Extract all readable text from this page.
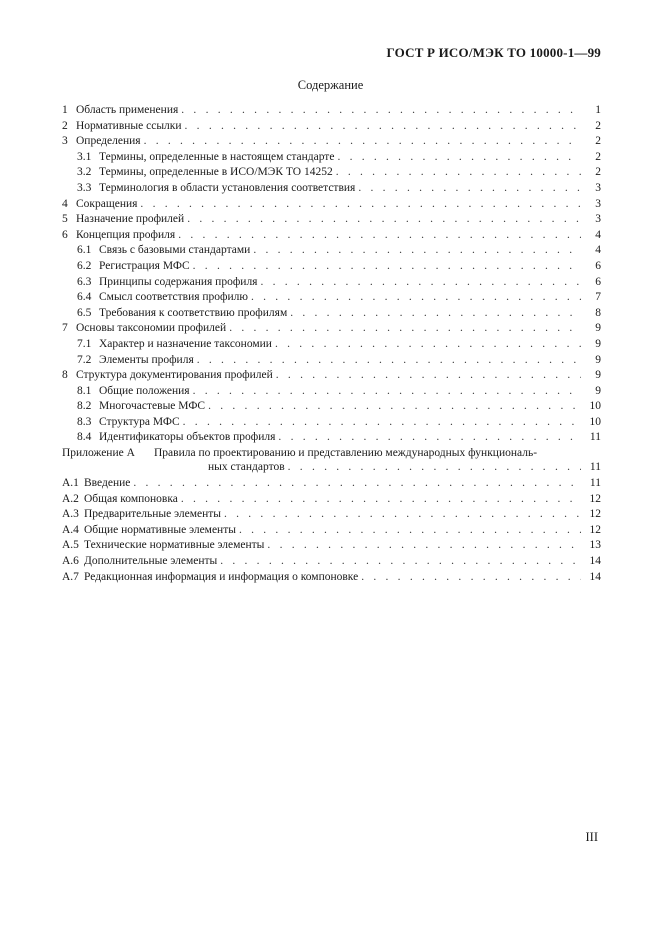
ГОСТ Р ИСО/МЭК ТО 10000-1—99
Содержание
1 Область применения . . .	1
2 Нормативные ссылки . . .	2
3 Определения . . .	2
3.1 Термины, определенные в настоящем стандарте . . .	2
3.2 Термины, определенные в ИСО/МЭК ТО 14252 . . .	2
3.3 Терминология в области установления соответствия . . .	3
4 Сокращения . . .	3
5 Назначение профилей . . .	3
6 Концепция профиля . . .	4
6.1 Связь с базовыми стандартами . . .	4
6.2 Регистрация МФС . . .	6
6.3 Принципы содержания профиля . . .	6
6.4 Смысл соответствия профилю . . .	7
6.5 Требования к соответствию профилям . . .	8
7 Основы таксономии профилей . . .	9
7.1 Характер и назначение таксономии . . .	9
7.2 Элементы профиля . . .	9
8 Структура документирования профилей . . .	9
8.1 Общие положения . . .	9
8.2 Многочастевые МФС . . .	10
8.3 Структура МФС . . .	10
8.4 Идентификаторы объектов профиля . . .	11
Приложение А	Правила по проектированию и представлению международных функциональ-
ных стандартов . . .	11
А.1 Введение . . .	11
А.2 Общая компоновка . . .	12
А.3 Предварительные элементы . . .	12
А.4 Общие нормативные элементы . . .	12
А.5 Технические нормативные элементы . . .	13
А.6 Дополнительные элементы . . .	14
А.7 Редакционная информация и информация о компоновке . . .	14
III
